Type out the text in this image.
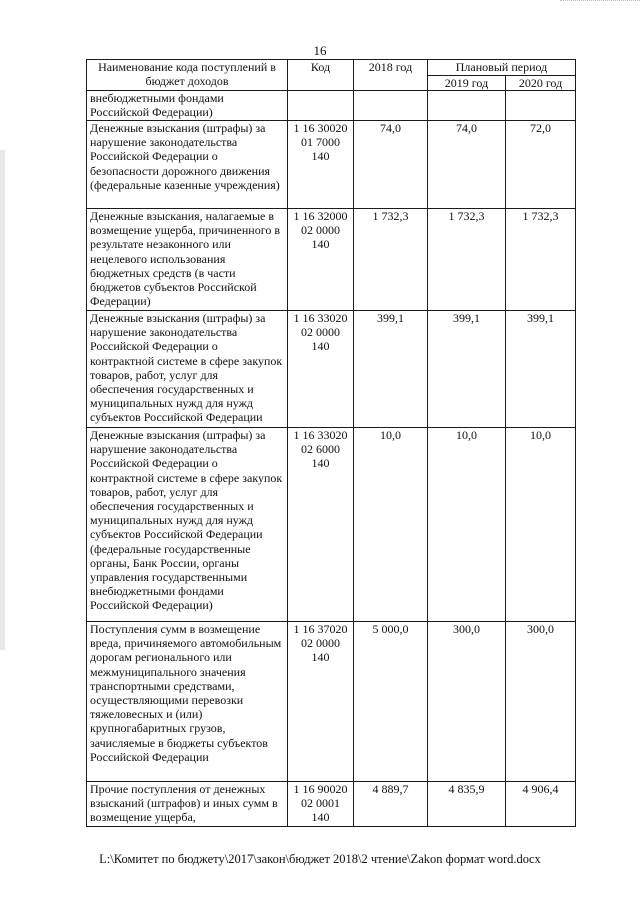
16
Наименование кода поступлений в бюджет доходов	Код	2018 год	Плановый период	
			2019 год	2020 год
внебюджетными фондами Российской Федерации)				
Денежные взыскания (штрафы) за нарушение законодательства Российской Федерации о безопасности дорожного движения (федеральные казенные учреждения)	1 16 30020 01 7000 140	74,0	74,0	72,0
Денежные взыскания, налагаемые в возмещение ущерба, причиненного в результате незаконного или нецелевого использования бюджетных средств (в части бюджетов субъектов Российской Федерации)	1 16 32000 02 0000 140	1 732,3	1 732,3	1 732,3
Денежные взыскания (штрафы) за нарушение законодательства Российской Федерации о контрактной системе в сфере закупок товаров, работ, услуг для обеспечения государственных и муниципальных нужд для нужд субъектов Российской Федерации	1 16 33020 02 0000 140	399,1	399,1	399,1
Денежные взыскания (штрафы) за нарушение законодательства Российской Федерации о контрактной системе в сфере закупок товаров, работ, услуг для обеспечения государственных и муниципальных нужд для нужд субъектов Российской Федерации (федеральные государственные органы, Банк России, органы управления государственными внебюджетными фондами Российской Федерации)	1 16 33020 02 6000 140	10,0	10,0	10,0
Поступления сумм в возмещение вреда, причиняемого автомобильным дорогам регионального или межмуниципального значения транспортными средствами, осуществляющими перевозки тяжеловесных и (или) крупногабаритных грузов, зачисляемые в бюджеты субъектов Российской Федерации	1 16 37020 02 0000 140	5 000,0	300,0	300,0
Прочие поступления от денежных взысканий (штрафов) и иных сумм в возмещение ущерба,	1 16 90020 02 0001 140	4 889,7	4 835,9	4 906,4
L:\Комитет по бюджету\2017\закон\бюджет 2018\2 чтение\Zakon формат word.docx
